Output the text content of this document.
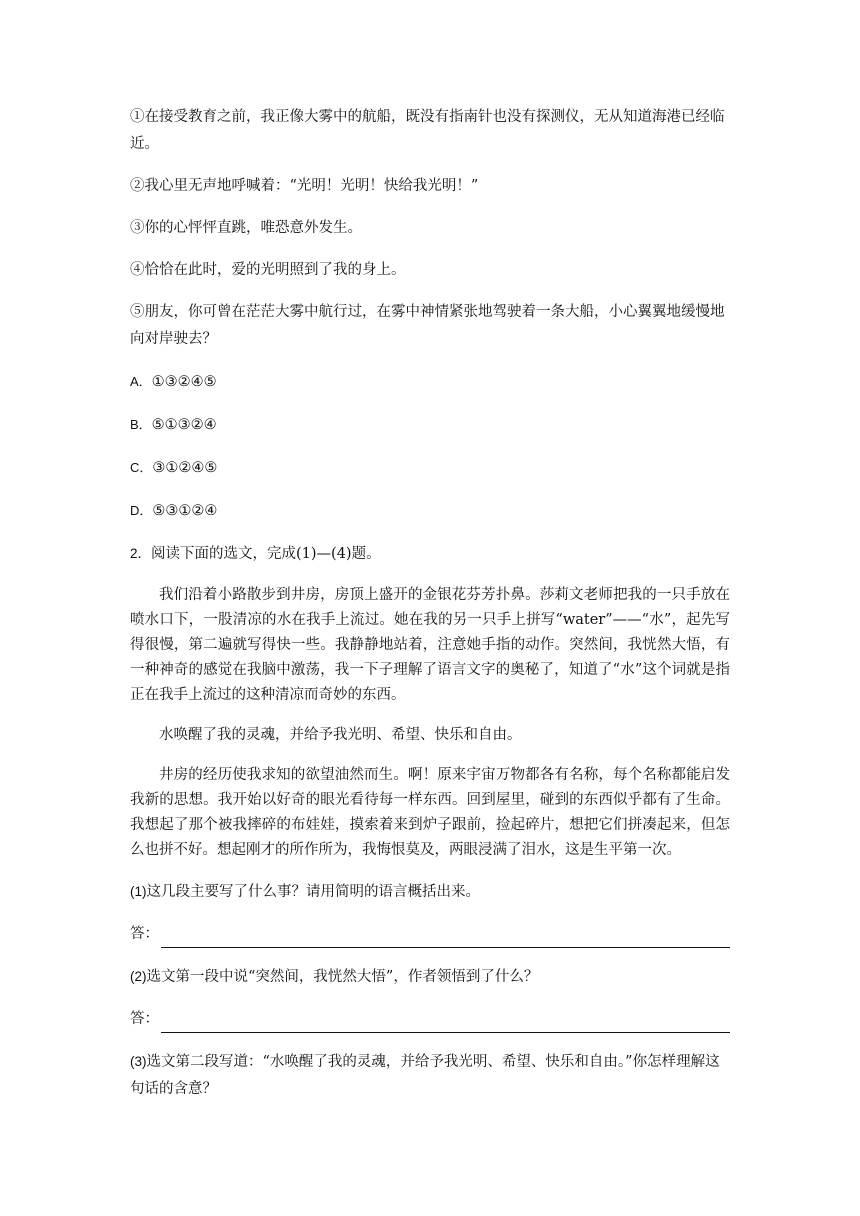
①在接受教育之前，我正像大雾中的航船，既没有指南针也没有探测仪，无从知道海港已经临近。
②我心里无声地呼喊着：“光明！光明！快给我光明！”
③你的心怦怦直跳，唯恐意外发生。
④恰恰在此时，爱的光明照到了我的身上。
⑤朋友，你可曾在茫茫大雾中航行过，在雾中神情紧张地驾驶着一条大船，小心翼翼地缓慢地向对岸驶去？
A．①③②④⑤
B．⑤①③②④
C．③①②④⑤
D．⑤③①②④
2．阅读下面的选文，完成(1)—(4)题。
我们沿着小路散步到井房，房顶上盛开的金银花芬芳扑鼻。莎莉文老师把我的一只手放在喷水口下，一股清凉的水在我手上流过。她在我的另一只手上拼写“water”——“水”，起先写得很慢，第二遍就写得快一些。我静静地站着，注意她手指的动作。突然间，我恍然大悟，有一种神奇的感觉在我脑中激荡，我一下子理解了语言文字的奥秘了，知道了“水”这个词就是指正在我手上流过的这种清凉而奇妙的东西。
水唤醒了我的灵魂，并给予我光明、希望、快乐和自由。
井房的经历使我求知的欲望油然而生。啊！原来宇宙万物都各有名称，每个名称都能启发我新的思想。我开始以好奇的眼光看待每一样东西。回到屋里，碰到的东西似乎都有了生命。我想起了那个被我摔碎的布娃娃，摸索着来到炉子跟前，捡起碎片，想把它们拼凑起来，但怎么也拼不好。想起刚才的所作所为，我悔恨莫及，两眼浸满了泪水，这是生平第一次。
(1)这几段主要写了什么事？请用简明的语言概括出来。
答：
(2)选文第一段中说“突然间，我恍然大悟”，作者领悟到了什么？
答：
(3)选文第二段写道：“水唤醒了我的灵魂，并给予我光明、希望、快乐和自由。”你怎样理解这句话的含意？
